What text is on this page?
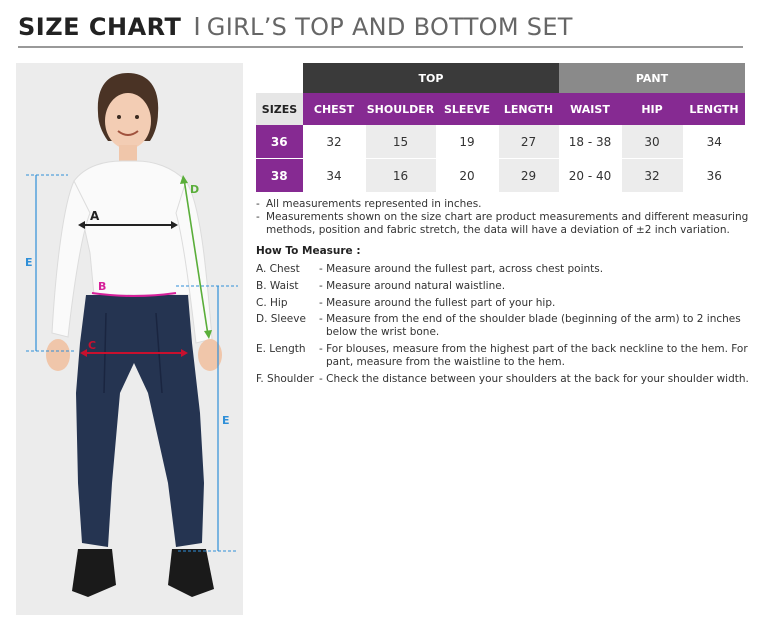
SIZE CHART I GIRL’S TOP AND BOTTOM SET
E
E
A
B
C
D
	TOP				PANT		
SIZES	CHEST	SHOULDER	SLEEVE	LENGTH	WAIST	HIP	LENGTH
36	32	15	19	27	18 - 38	30	34
38	34	16	20	29	20 - 40	32	36
- All measurements represented in inches.
- Measurements shown on the size chart are product measurements and different measuring methods, position and fabric stretch, the data will have a deviation of ±2 inch variation.
How To Measure :
A. Chest - Measure around the fullest part, across chest points.
B. Waist - Measure around natural waistline.
C. Hip	- Measure around the fullest part of your hip.
D. Sleeve - Measure from the end of the shoulder blade (beginning of the arm) to 2 inches below the wrist bone.
E. Length - For blouses, measure from the highest part of the back neckline to the hem. For pant, measure from the waistline to the hem.
F. Shoulder - Check the distance between your shoulders at the back for your shoulder width.
